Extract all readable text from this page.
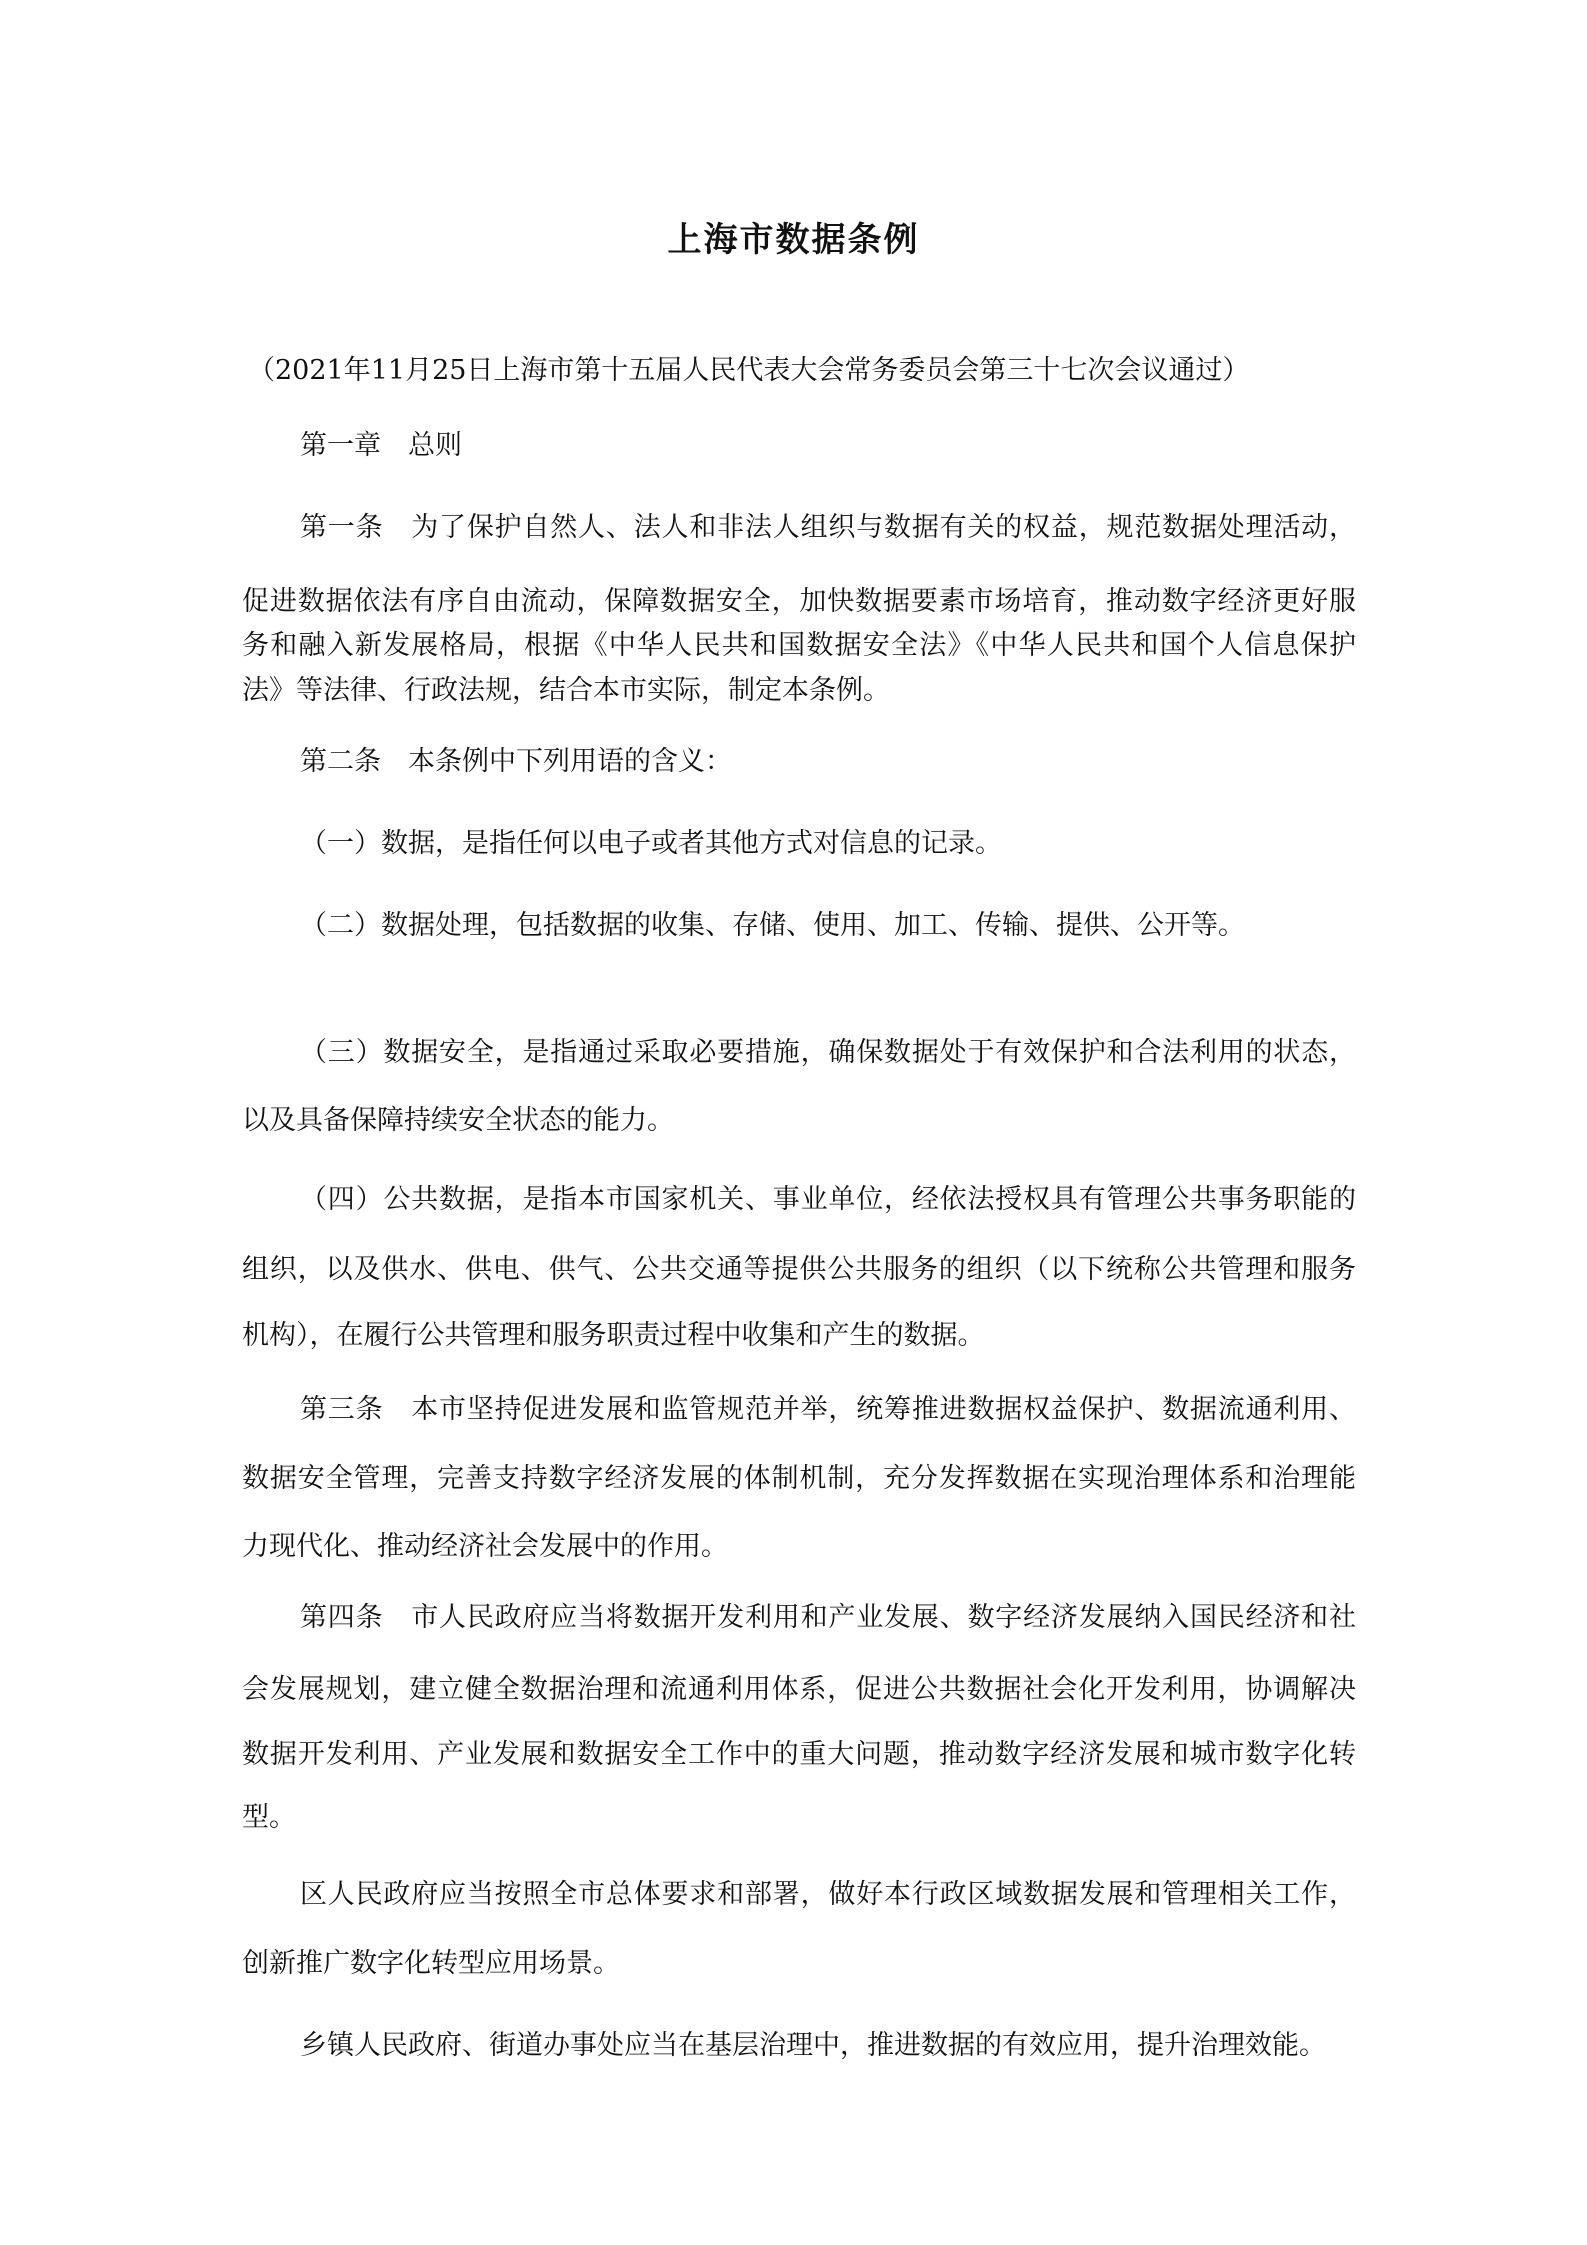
上海市数据条例
（2021年11月25日上海市第十五届人民代表大会常务委员会第三十七次会议通过）
第一章　总则
第一条　为了保护自然人、法人和非法人组织与数据有关的权益，规范数据处理活动，
促进数据依法有序自由流动，保障数据安全，加快数据要素市场培育，推动数字经济更好服
务和融入新发展格局，根据《中华人民共和国数据安全法》《中华人民共和国个人信息保护
法》等法律、行政法规，结合本市实际，制定本条例。
第二条　本条例中下列用语的含义：
（一）数据，是指任何以电子或者其他方式对信息的记录。
（二）数据处理，包括数据的收集、存储、使用、加工、传输、提供、公开等。
（三）数据安全，是指通过采取必要措施，确保数据处于有效保护和合法利用的状态，
以及具备保障持续安全状态的能力。
（四）公共数据，是指本市国家机关、事业单位，经依法授权具有管理公共事务职能的
组织，以及供水、供电、供气、公共交通等提供公共服务的组织（以下统称公共管理和服务
机构），在履行公共管理和服务职责过程中收集和产生的数据。
第三条　本市坚持促进发展和监管规范并举，统筹推进数据权益保护、数据流通利用、
数据安全管理，完善支持数字经济发展的体制机制，充分发挥数据在实现治理体系和治理能
力现代化、推动经济社会发展中的作用。
第四条　市人民政府应当将数据开发利用和产业发展、数字经济发展纳入国民经济和社
会发展规划，建立健全数据治理和流通利用体系，促进公共数据社会化开发利用，协调解决
数据开发利用、产业发展和数据安全工作中的重大问题，推动数字经济发展和城市数字化转
型。
区人民政府应当按照全市总体要求和部署，做好本行政区域数据发展和管理相关工作，
创新推广数字化转型应用场景。
乡镇人民政府、街道办事处应当在基层治理中，推进数据的有效应用，提升治理效能。
